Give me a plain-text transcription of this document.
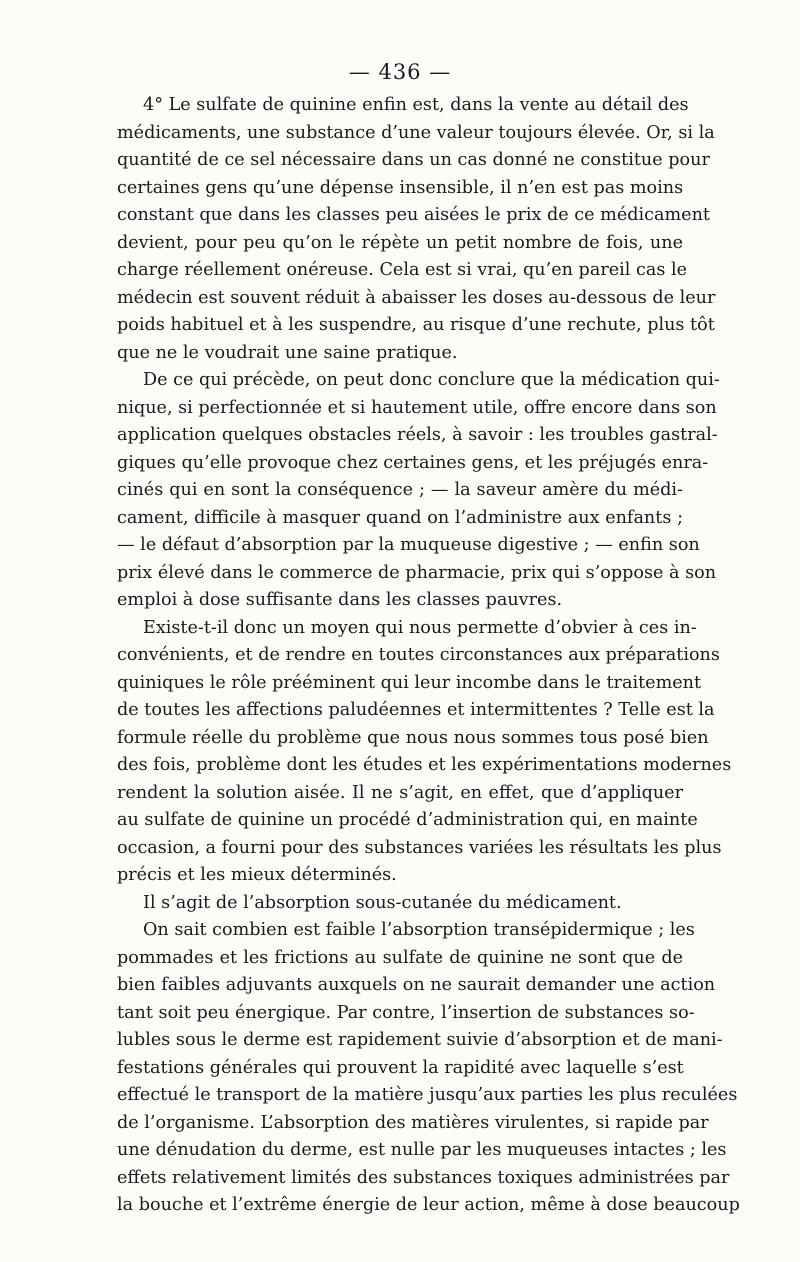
— 436 —
4° Le sulfate de quinine enfin est, dans la vente au détail des
médicaments, une substance d’une valeur toujours élevée. Or, si la
quantité de ce sel nécessaire dans un cas donné ne constitue pour
certaines gens qu’une dépense insensible, il n’en est pas moins
constant que dans les classes peu aisées le prix de ce médicament
devient, pour peu qu’on le répète un petit nombre de fois, une
charge réellement onéreuse. Cela est si vrai, qu’en pareil cas le
médecin est souvent réduit à abaisser les doses au-dessous de leur
poids habituel et à les suspendre, au risque d’une rechute, plus tôt
que ne le voudrait une saine pratique.
De ce qui précède, on peut donc conclure que la médication qui-
nique, si perfectionnée et si hautement utile, offre encore dans son
application quelques obstacles réels, à savoir : les troubles gastral-
giques qu’elle provoque chez certaines gens, et les préjugés enra-
cinés qui en sont la conséquence ; — la saveur amère du médi-
cament, difficile à masquer quand on l’administre aux enfants ;
— le défaut d’absorption par la muqueuse digestive ; — enfin son
prix élevé dans le commerce de pharmacie, prix qui s’oppose à son
emploi à dose suffisante dans les classes pauvres.
Existe-t-il donc un moyen qui nous permette d’obvier à ces in-
convénients, et de rendre en toutes circonstances aux préparations
quiniques le rôle prééminent qui leur incombe dans le traitement
de toutes les affections paludéennes et intermittentes ? Telle est la
formule réelle du problème que nous nous sommes tous posé bien
des fois, problème dont les études et les expérimentations modernes
rendent la solution aisée. Il ne s’agit, en effet, que d’appliquer
au sulfate de quinine un procédé d’administration qui, en mainte
occasion, a fourni pour des substances variées les résultats les plus
précis et les mieux déterminés.
Il s’agit de l’absorption sous-cutanée du médicament.
On sait combien est faible l’absorption transépidermique ; les
pommades et les frictions au sulfate de quinine ne sont que de
bien faibles adjuvants auxquels on ne saurait demander une action
tant soit peu énergique. Par contre, l’insertion de substances so-
lubles sous le derme est rapidement suivie d’absorption et de mani-
festations générales qui prouvent la rapidité avec laquelle s’est
effectué le transport de la matière jusqu’aux parties les plus reculées
de l’organisme. L’absorption des matières virulentes, si rapide par
une dénudation du derme, est nulle par les muqueuses intactes ; les
effets relativement limités des substances toxiques administrées par
la bouche et l’extrême énergie de leur action, même à dose beaucoup
